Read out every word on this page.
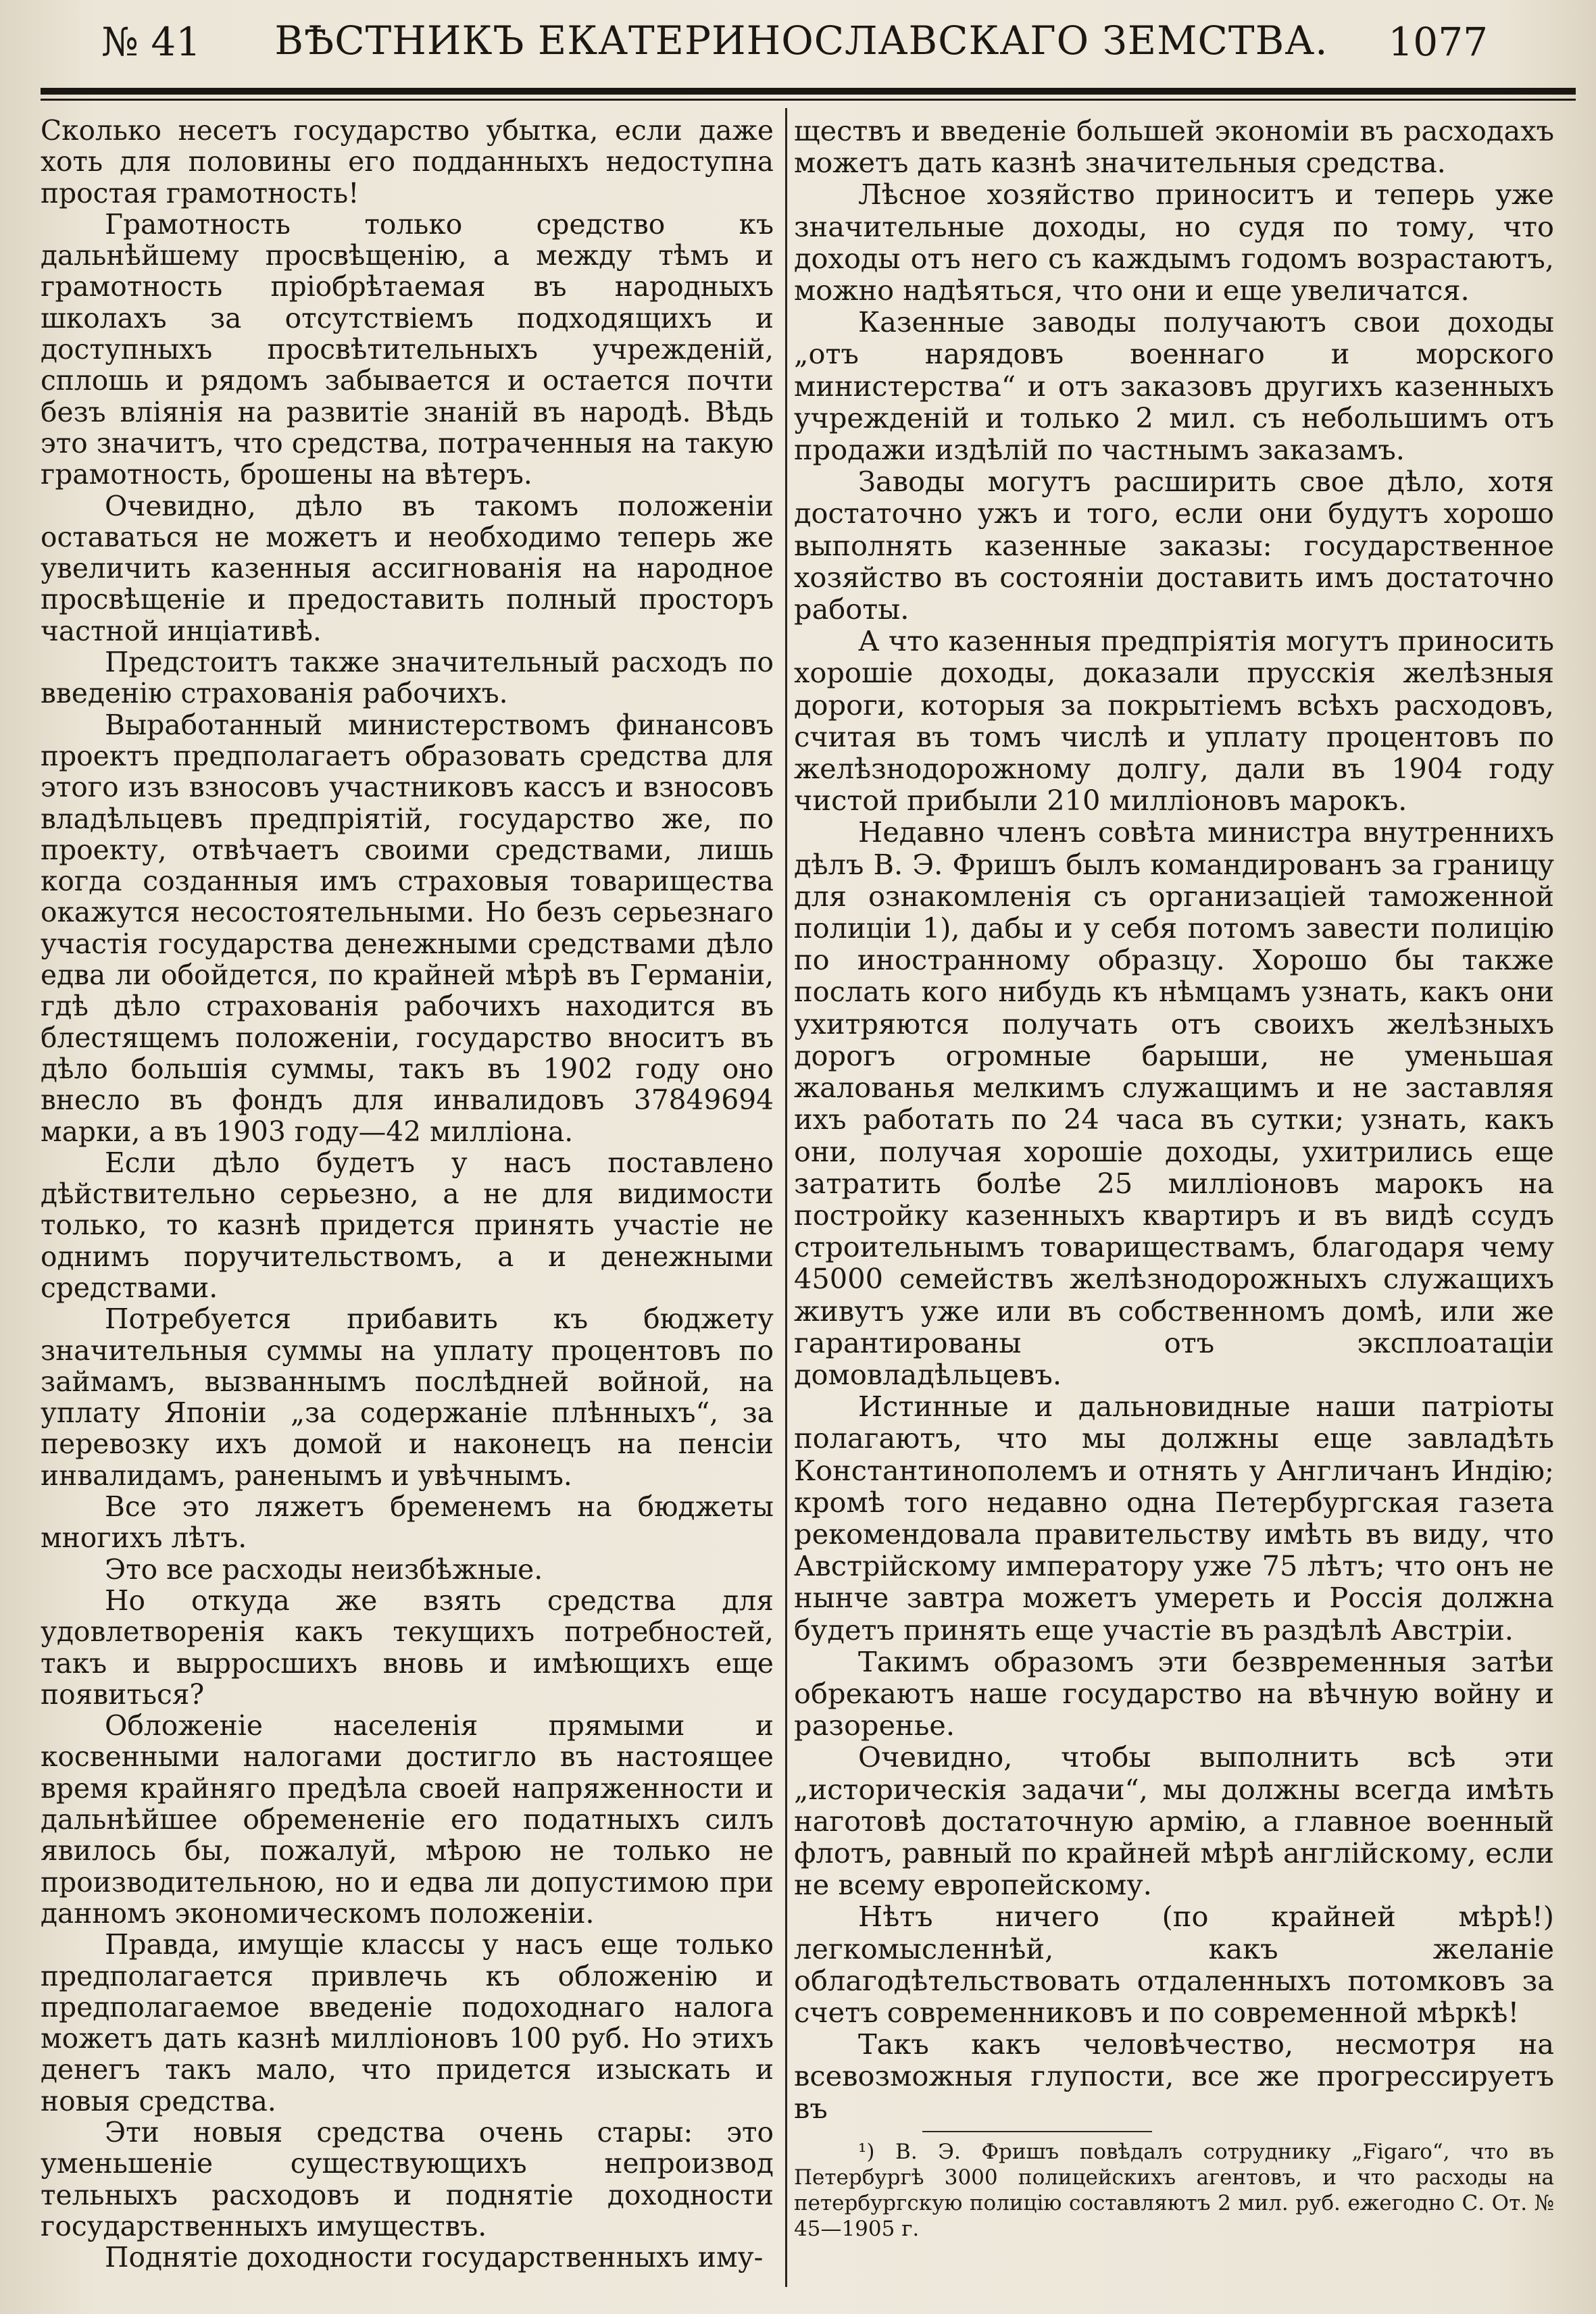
№ 41	ВѢСТНИКЪ ЕКАТЕРИНОСЛАВСКАГО ЗЕМСТВА.	1077

Сколько несетъ государство убытка, если даже хоть для половины его подданныхъ недоступна простая грамотность!

Грамотность только средство къ дальнѣйшему просвѣщенію, а между тѣмъ и грамотность пріобрѣтаемая въ народныхъ школахъ за отсутствіемъ подходящихъ и доступныхъ просвѣтительныхъ учрежденій, сплошь и рядомъ забывается и остается почти безъ вліянія на развитіе знаній въ народѣ. Вѣдь это значитъ, что средства, потраченныя на такую грамотность, брошены на вѣтеръ.

Очевидно, дѣло въ такомъ положеніи оставаться не можетъ и необходимо теперь же увеличить казенныя ассигнованія на народное просвѣщеніе и предоставить полный просторъ частной инціативѣ.

Предстоитъ также значительный расходъ по введенію страхованія рабочихъ.

Выработанный министерствомъ финансовъ проектъ предполагаетъ образовать средства для этого изъ взносовъ участниковъ кассъ и взносовъ владѣльцевъ предпріятій, государство же, по проекту, отвѣчаетъ своими средствами, лишь когда созданныя имъ страховыя товарищества окажутся несостоятельными. Но безъ серьезнаго участія государства денежными средствами дѣло едва ли обойдется, по крайней мѣрѣ въ Германіи, гдѣ дѣло страхованія рабочихъ находится въ блестящемъ положеніи, государство вноситъ въ дѣло большія суммы, такъ въ 1902 году оно внесло въ фондъ для инвалидовъ 37849694 марки, а въ 1903 году—42 милліона.

Если дѣло будетъ у насъ поставлено дѣйствительно серьезно, а не для видимости только, то казнѣ придется принять участіе не однимъ поручительствомъ, а и денежными средствами.

Потребуется прибавить къ бюджету значительныя суммы на уплату процентовъ по займамъ, вызваннымъ послѣдней войной, на уплату Японіи „за содержаніе плѣнныхъ“, за перевозку ихъ домой и наконецъ на пенсіи инвалидамъ, раненымъ и увѣчнымъ.

Все это ляжетъ бременемъ на бюджеты многихъ лѣтъ.

Это все расходы неизбѣжные.

Но откуда же взять средства для удовлетворенія какъ текущихъ потребностей, такъ и вырросшихъ вновь и имѣющихъ еще появиться?

Обложеніе населенія прямыми и косвенными налогами достигло въ настоящее время крайняго предѣла своей напряженности и дальнѣйшее обремененіе его податныхъ силъ явилось бы, пожалуй, мѣрою не только не производительною, но и едва ли допустимою при данномъ экономическомъ положеніи.

Правда, имущіе классы у насъ еще только предполагается привлечь къ обложенію и предполагаемое введеніе подоходнаго налога можетъ дать казнѣ милліоновъ 100 руб. Но этихъ денегъ такъ мало, что придется изыскать и новыя средства.

Эти новыя средства очень стары: это уменьшеніе существующихъ непроизвод тельныхъ расходовъ и поднятіе доходности государственныхъ имуществъ.

Поднятіе доходности государственныхъ иму-

ществъ и введеніе большей экономіи въ расходахъ можетъ дать казнѣ значительныя средства.

Лѣсное хозяйство приноситъ и теперь уже значительные доходы, но судя по тому, что доходы отъ него съ каждымъ годомъ возрастаютъ, можно надѣяться, что они и еще увеличатся.

Казенные заводы получаютъ свои доходы „отъ нарядовъ военнаго и морского министерства“ и отъ заказовъ другихъ казенныхъ учрежденій и только 2 мил. съ небольшимъ отъ продажи издѣлій по частнымъ заказамъ.

Заводы могутъ расширить свое дѣло, хотя достаточно ужъ и того, если они будутъ хорошо выполнять казенные заказы: государственное хозяйство въ состояніи доставить имъ достаточно работы.

А что казенныя предпріятія могутъ приносить хорошіе доходы, доказали прусскія желѣзныя дороги, которыя за покрытіемъ всѣхъ расходовъ, считая въ томъ числѣ и уплату процентовъ по желѣзнодорожному долгу, дали въ 1904 году чистой прибыли 210 милліоновъ марокъ.

Недавно членъ совѣта министра внутреннихъ дѣлъ В. Э. Фришъ былъ командированъ за границу для ознакомленія съ организаціей таможенной полиціи 1), дабы и у себя потомъ завести полицію по иностранному образцу. Хорошо бы также послать кого нибудь къ нѣмцамъ узнать, какъ они ухитряются получать отъ своихъ желѣзныхъ дорогъ огромные барыши, не уменьшая жалованья мелкимъ служащимъ и не заставляя ихъ работать по 24 часа въ сутки; узнать, какъ они, получая хорошіе доходы, ухитрились еще затратить болѣе 25 милліоновъ марокъ на постройку казенныхъ квартиръ и въ видѣ ссудъ строительнымъ товариществамъ, благодаря чему 45000 семействъ желѣзнодорожныхъ служащихъ живутъ уже или въ собственномъ домѣ, или же гарантированы отъ эксплоатаціи домовладѣльцевъ.

Истинные и дальновидные наши патріоты полагаютъ, что мы должны еще завладѣть Константинополемъ и отнять у Англичанъ Индію; кромѣ того недавно одна Петербургская газета рекомендовала правительству имѣть въ виду, что Австрійскому императору уже 75 лѣтъ; что онъ не нынче завтра можетъ умереть и Россія должна будетъ принять еще участіе въ раздѣлѣ Австріи.

Такимъ образомъ эти безвременныя затѣи обрекаютъ наше государство на вѣчную войну и разоренье.

Очевидно, чтобы выполнить всѣ эти „историческія задачи“, мы должны всегда имѣть наготовѣ достаточную армію, а главное военный флотъ, равный по крайней мѣрѣ англійскому, если не всему европейскому.

Нѣтъ ничего (по крайней мѣрѣ!) легкомысленнѣй, какъ желаніе облагодѣтельствовать отдаленныхъ потомковъ за счетъ современниковъ и по современной мѣркѣ!

Такъ какъ человѣчество, несмотря на всевозможныя глупости, все же прогрессируетъ въ

¹) В. Э. Фришъ повѣдалъ сотруднику „Figaro“, что въ Петербургѣ 3000 полицейскихъ агентовъ, и что расходы на петербургскую полицію составляютъ 2 мил. руб. ежегодно С. От. № 45—1905 г.
